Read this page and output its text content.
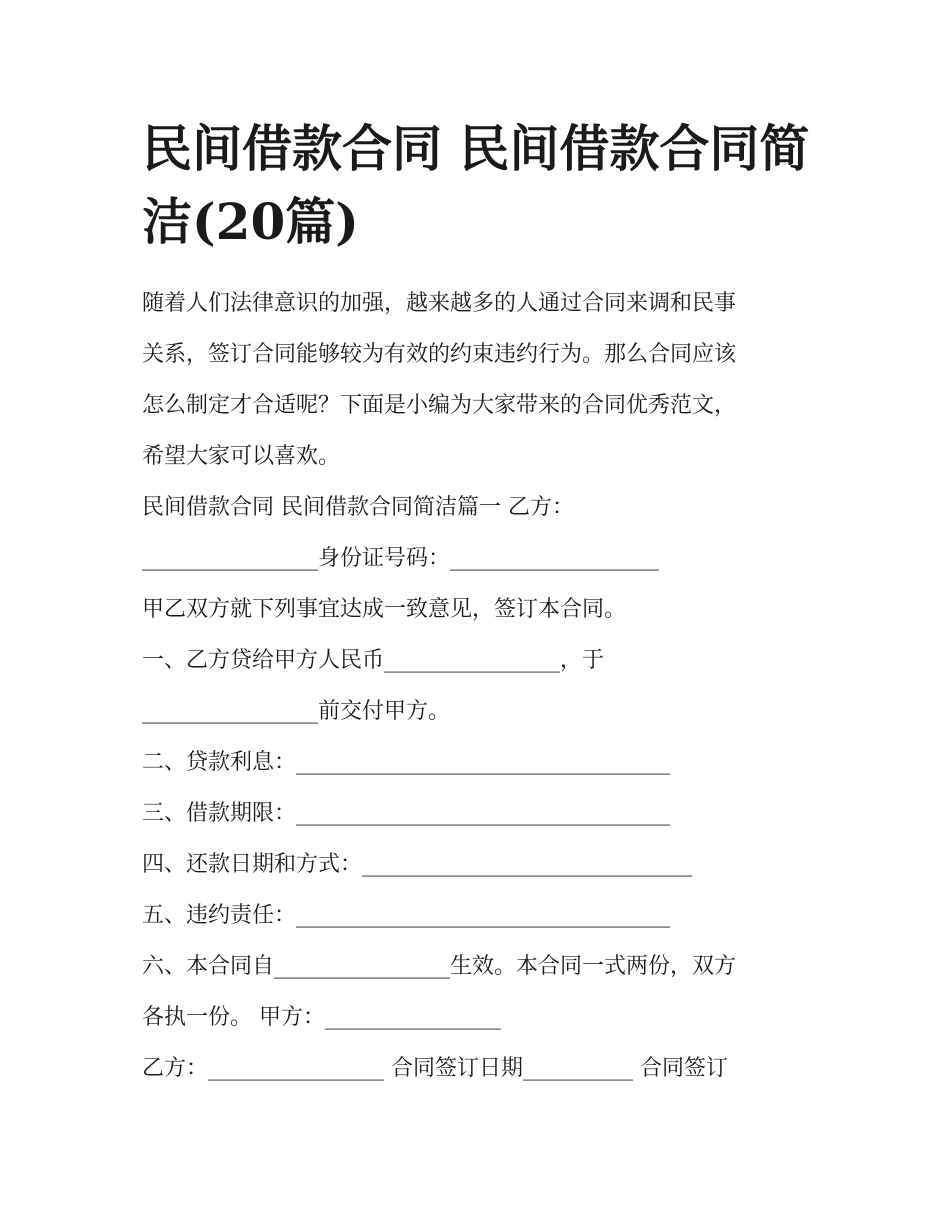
民间借款合同 民间借款合同简
洁(20篇)
随着人们法律意识的加强，越来越多的人通过合同来调和民事
关系，签订合同能够较为有效的约束违约行为。那么合同应该
怎么制定才合适呢？下面是小编为大家带来的合同优秀范文，
希望大家可以喜欢。
民间借款合同 民间借款合同简洁篇一 乙方：
________________身份证号码：___________________
甲乙双方就下列事宜达成一致意见，签订本合同。
一、乙方贷给甲方人民币________________，于
________________前交付甲方。
二、贷款利息：__________________________________
三、借款期限：__________________________________
四、还款日期和方式：______________________________
五、违约责任：__________________________________
六、本合同自________________生效。本合同一式两份，双方
各执一份。 甲方：________________
乙方：________________ 合同签订日期__________ 合同签订
